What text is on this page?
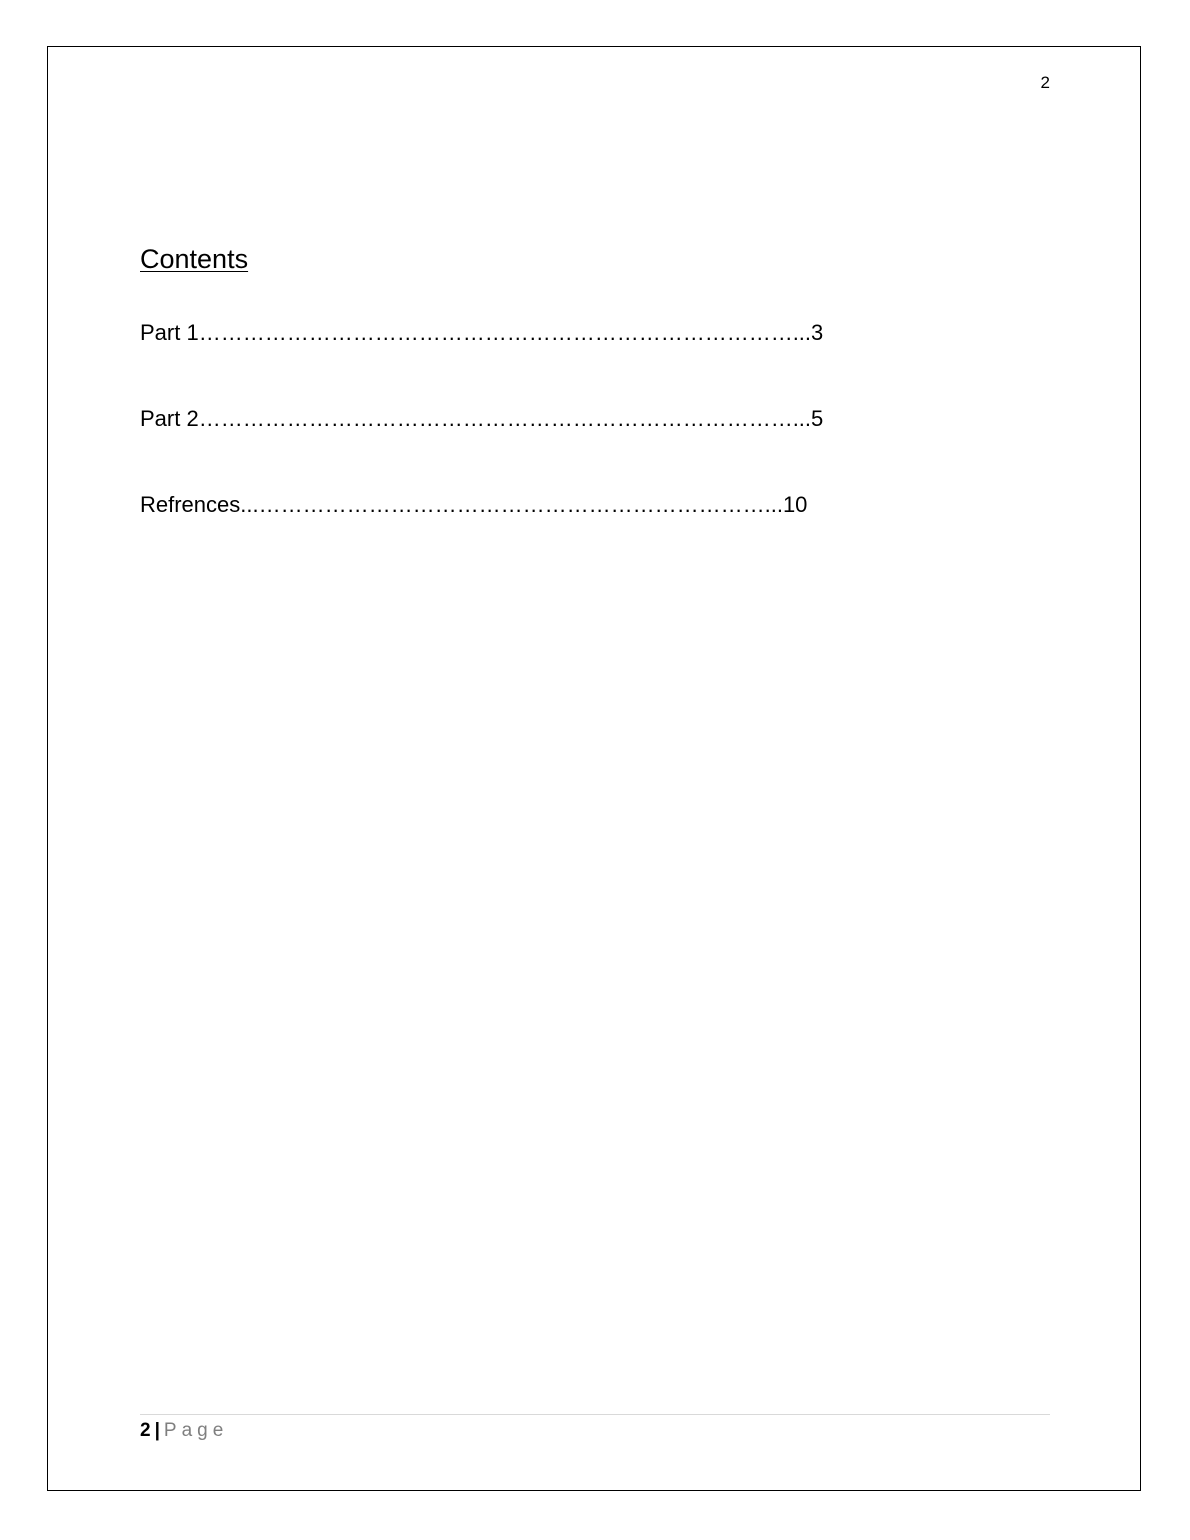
2
Contents
Part 1………………………………………………………………………...3
Part 2………………………………………………………………………...5
Refrences...……………………………………………………………...10
2 | Page
